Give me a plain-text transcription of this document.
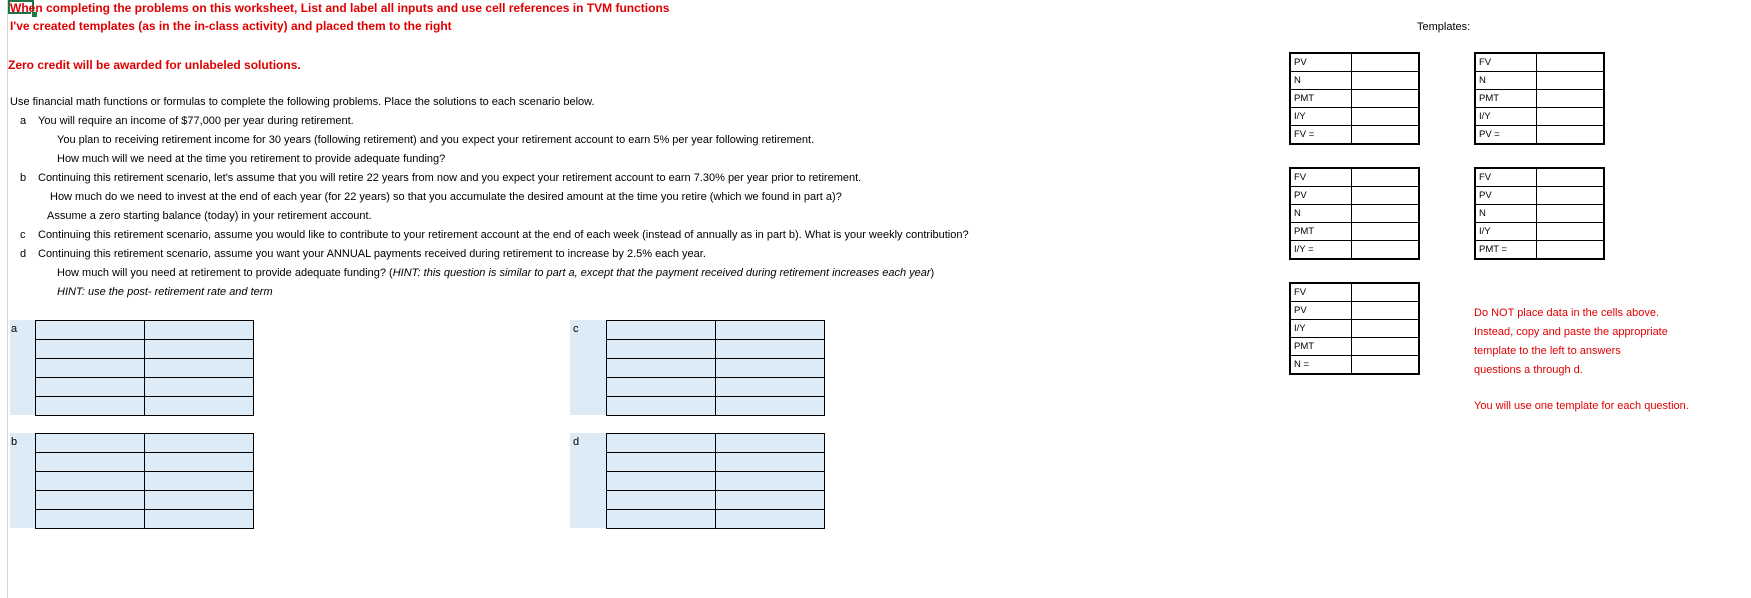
When completing the problems on this worksheet, List and label all inputs and use cell references in TVM functions
I've created templates (as in the in-class activity) and placed them to the right
Zero credit will be awarded for unlabeled solutions.
Templates:
Use financial math functions or formulas to complete the following problems. Place the solutions to each scenario below.
a You will require an income of $77,000 per year during retirement.
You plan to receiving retirement income for 30 years (following retirement) and you expect your retirement account to earn 5% per year following retirement.
How much will we need at the time you retirement to provide adequate funding?
b Continuing this retirement scenario, let's assume that you will retire 22 years from now and you expect your retirement account to earn 7.30% per year prior to retirement.
How much do we need to invest at the end of each year (for 22 years) so that you accumulate the desired amount at the time you retire (which we found in part a)?
Assume a zero starting balance (today) in your retirement account.
c Continuing this retirement scenario, assume you would like to contribute to your retirement account at the end of each week (instead of annually as in part b). What is your weekly contribution?
d Continuing this retirement scenario, assume you want your ANNUAL payments received during retirement to increase by 2.5% each year.
How much will you need at retirement to provide adequate funding? (HINT: this question is similar to part a, except that the payment received during retirement increases each year)
HINT: use the post- retirement rate and term
PV	
N	
PMT	
I/Y	
FV =	
FV	
PV	
N	
PMT	
I/Y =	
FV	
PV	
I/Y	
PMT	
N =	
FV	
N	
PMT	
I/Y	
PV =	
FV	
PV	
N	
I/Y	
PMT =	
Do NOT place data in the cells above.
Instead, copy and paste the appropriate
template to the left to answers
questions a through d.
You will use one template for each question.
a

		c

b

		d
